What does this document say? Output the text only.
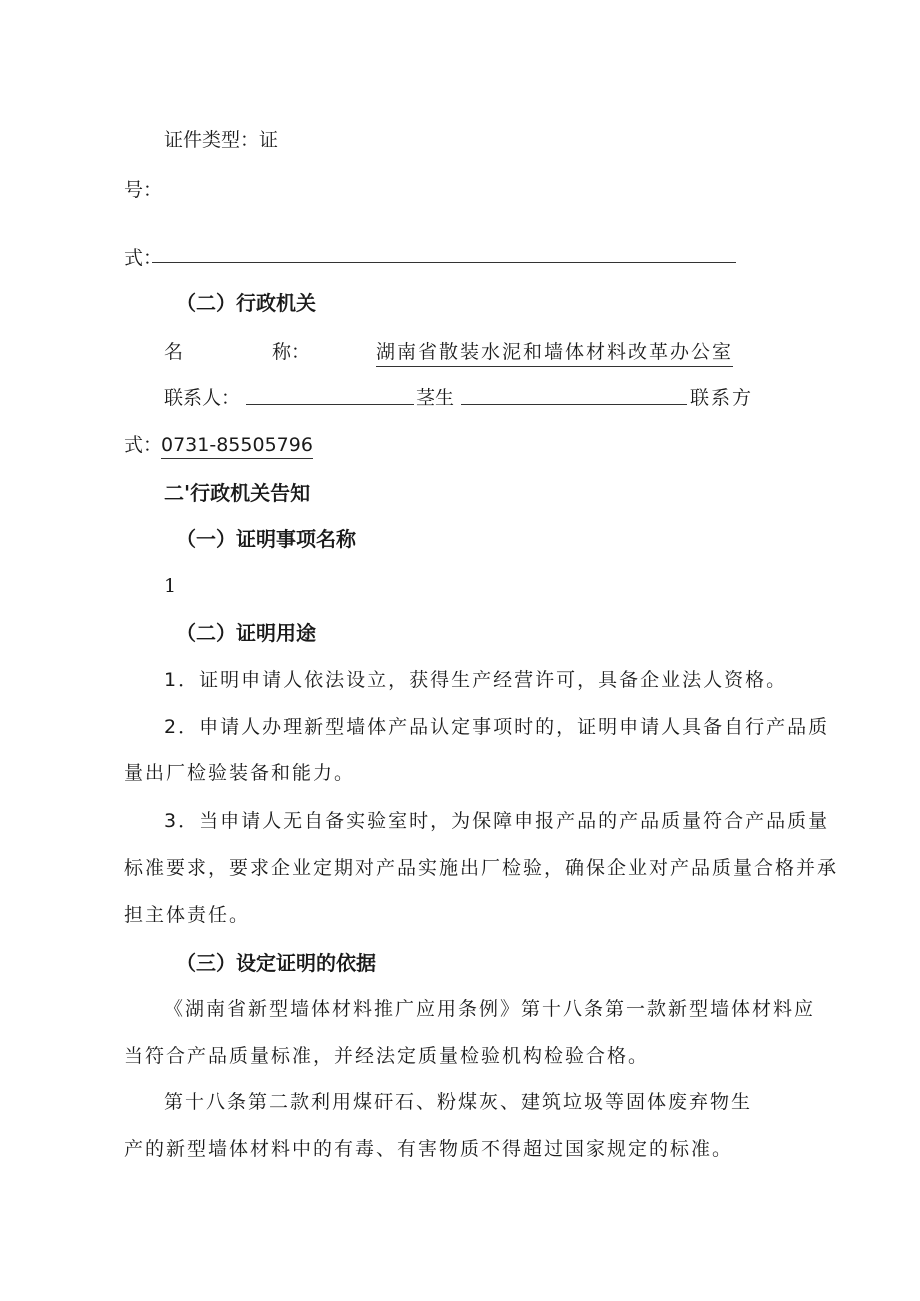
证件类型：证
号：
式：
（二）行政机关
名	称：	湖南省散装水泥和墙体材料改革办公室
联系人：	茎生	联系方
式：
0731-85505796
二'行政机关告知
（一）证明事项名称
1
（二）证明用途
1．证明申请人依法设立，获得生产经营许可，具备企业法人资格。
2．申请人办理新型墙体产品认定事项时的，证明申请人具备自行产品质
量出厂检验装备和能力。
3．当申请人无自备实验室时，为保障申报产品的产品质量符合产品质量
标准要求，要求企业定期对产品实施出厂检验，确保企业对产品质量合格并承
担主体责任。
（三）设定证明的依据
《湖南省新型墙体材料推广应用条例》第十八条第一款新型墙体材料应
当符合产品质量标准，并经法定质量检验机构检验合格。
第十八条第二款利用煤矸石、粉煤灰、建筑垃圾等固体废弃物生
产的新型墙体材料中的有毒、有害物质不得超过国家规定的标准。
